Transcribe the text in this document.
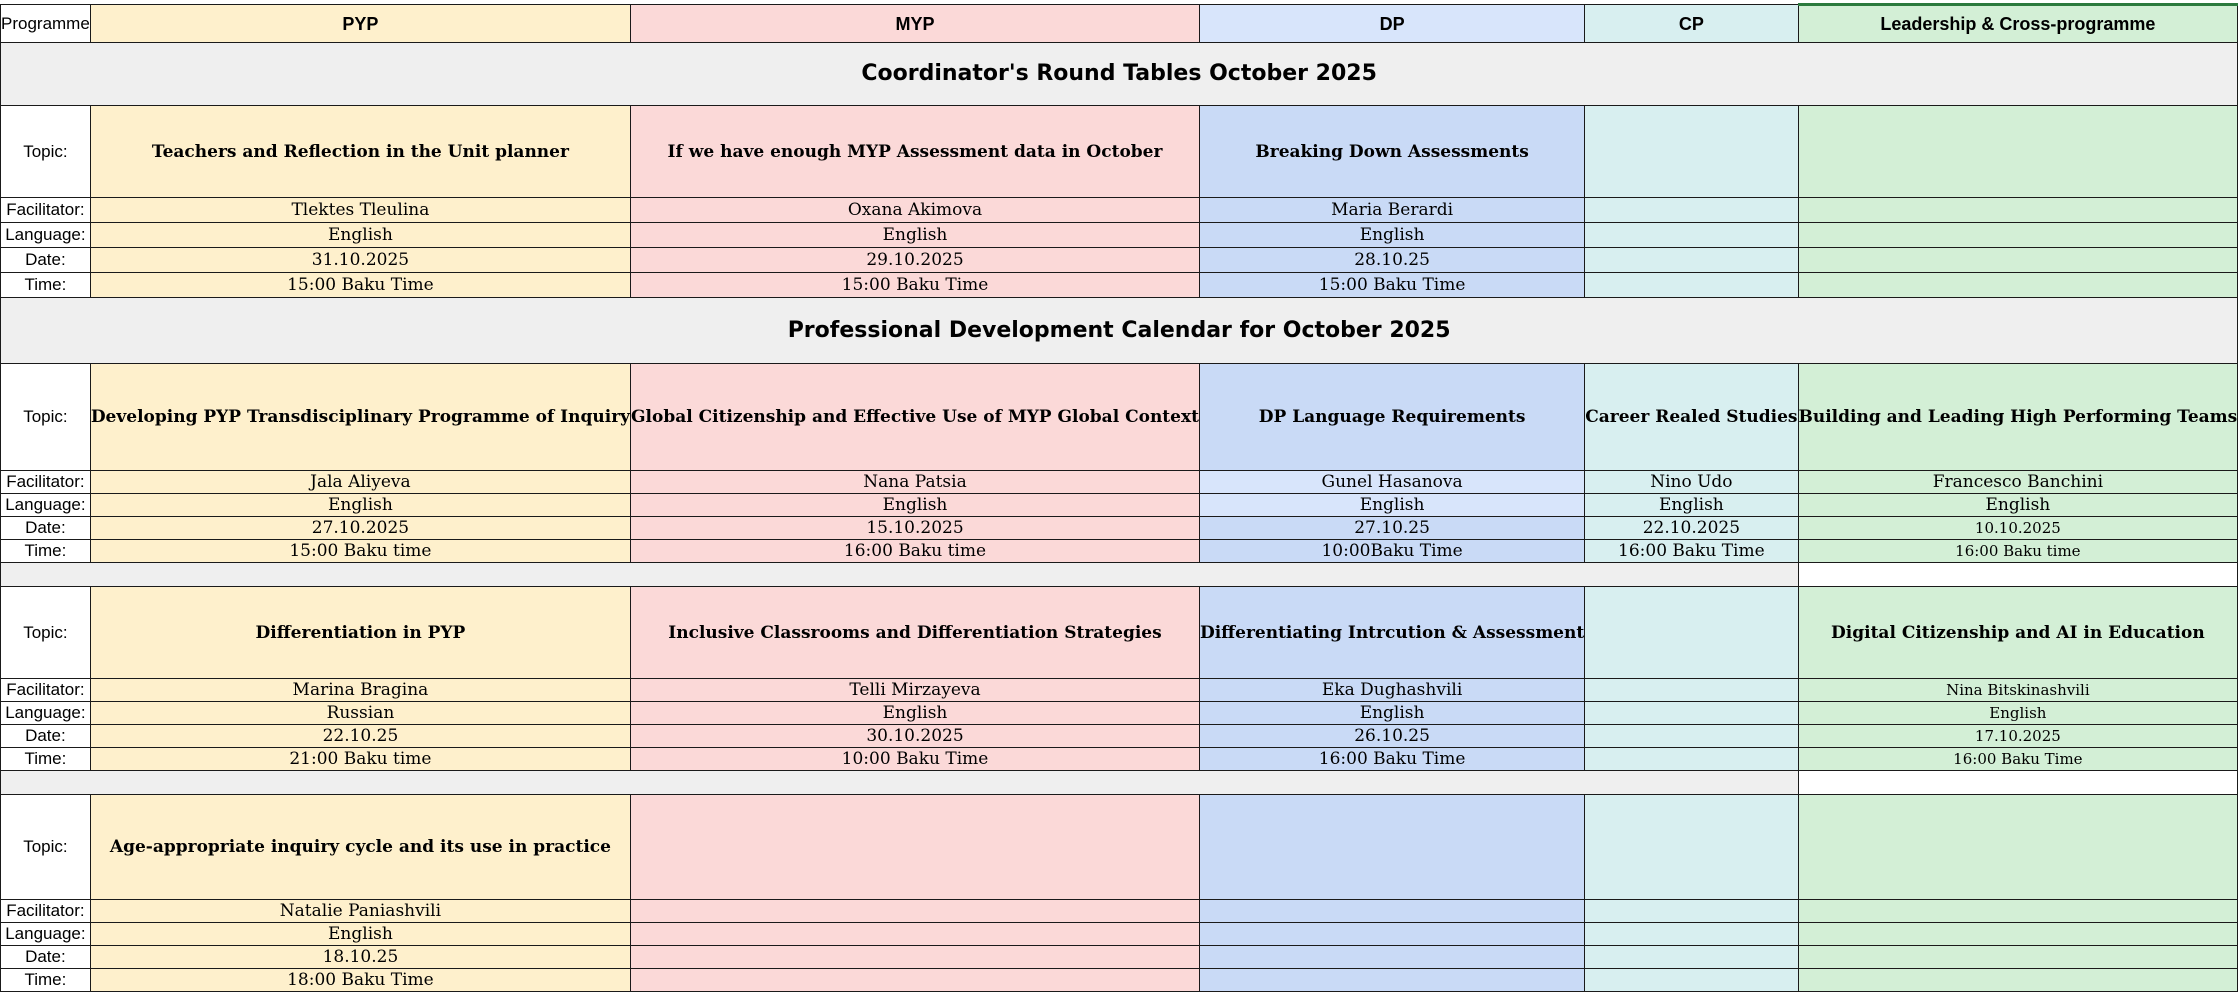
Programme	PYP	MYP	DP	CP	Leadership & Cross-programme
Coordinator's Round Tables October 2025					
Topic:	Teachers and Reflection in the Unit planner	If we have enough MYP Assessment data in October	Breaking Down Assessments		
Facilitator:	Tlektes Tleulina	Oxana Akimova	Maria Berardi		
Language:	English	English	English		
Date:	31.10.2025	29.10.2025	28.10.25		
Time:	15:00 Baku Time	15:00 Baku Time	15:00 Baku Time		
Professional Development Calendar for October 2025					
Topic:	Developing PYP Transdisciplinary Programme of Inquiry	Global Citizenship and Effective Use of MYP Global Context	DP Language Requirements	Career Realed Studies	Building and Leading High Performing Teams
Facilitator:	Jala Aliyeva	Nana Patsia	Gunel Hasanova	Nino Udo	Francesco Banchini
Language:	English	English	English	English	English
Date:	27.10.2025	15.10.2025	27.10.25	22.10.2025	10.10.2025
Time:	15:00 Baku time	16:00 Baku time	10:00Baku Time	16:00 Baku Time	16:00 Baku time

Topic:	Differentiation in PYP	Inclusive Classrooms and Differentiation Strategies	Differentiating Intrcution & Assessment		Digital Citizenship and AI in Education
Facilitator:	Marina Bragina	Telli Mirzayeva	Eka Dughashvili		Nina Bitskinashvili
Language:	Russian	English	English		English
Date:	22.10.25	30.10.2025	26.10.25		17.10.2025
Time:	21:00 Baku time	10:00 Baku Time	16:00 Baku Time		16:00 Baku Time

Topic:	Age-appropriate inquiry cycle and its use in practice				
Facilitator:	Natalie Paniashvili				
Language:	English				
Date:	18.10.25				
Time:	18:00 Baku Time				
